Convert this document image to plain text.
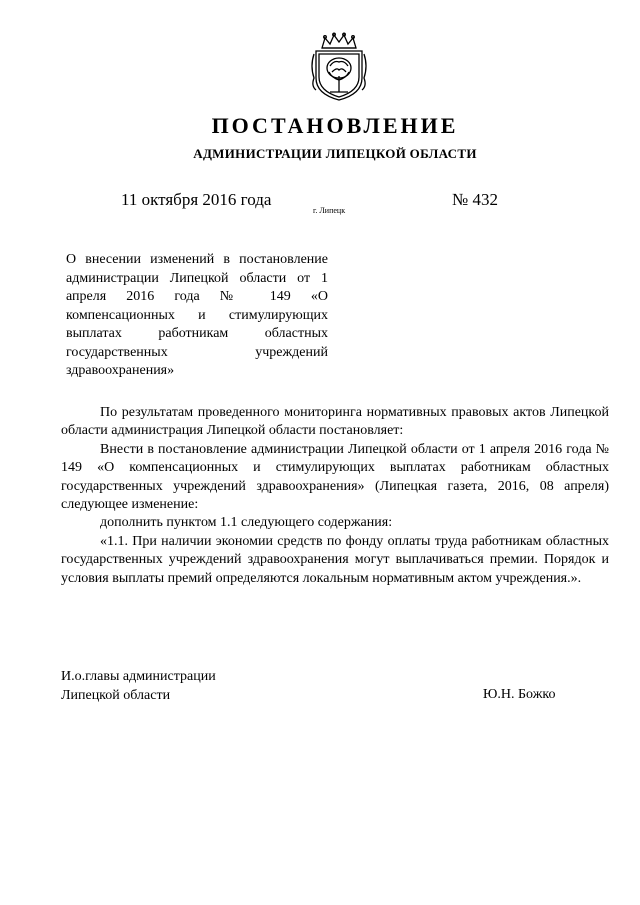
ПОСТАНОВЛЕНИЕ
АДМИНИСТРАЦИИ ЛИПЕЦКОЙ ОБЛАСТИ
11 октября 2016 года
г. Липецк
№ 432
О внесении изменений в постановление администрации Липецкой области от 1 апреля 2016 года № 149 «О компенсационных и стимулирующих выплатах работникам областных государственных учреждений здравоохранения»

По результатам проведенного мониторинга нормативных правовых актов Липецкой области администрация Липецкой области постановляет:

Внести в постановление администрации Липецкой области от 1 апреля 2016 года № 149 «О компенсационных и стимулирующих выплатах работникам областных государственных учреждений здравоохранения» (Липецкая газета, 2016, 08 апреля) следующее изменение:

дополнить пунктом 1.1 следующего содержания:

«1.1. При наличии экономии средств по фонду оплаты труда работникам областных государственных учреждений здравоохранения могут выплачиваться премии. Порядок и условия выплаты премий определяются локальным нормативным актом учреждения.».

И.о.главы администрации
Липецкой области	Ю.Н. Божко
